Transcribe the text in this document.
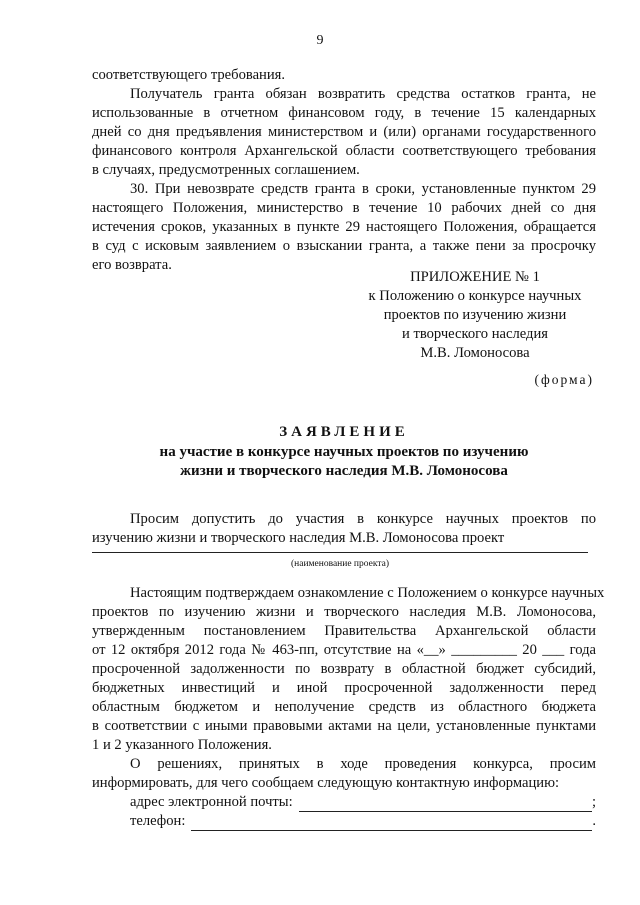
9
соответствующего требования.
Получатель гранта обязан возвратить средства остатков гранта, не
использованные в отчетном финансовом году, в течение 15 календарных
дней со дня предъявления министерством и (или) органами государственного
финансового контроля Архангельской области соответствующего требования
в случаях, предусмотренных соглашением.
30. При невозврате средств гранта в сроки, установленные пунктом 29
настоящего Положения, министерство в течение 10 рабочих дней со дня
истечения сроков, указанных в пункте 29 настоящего Положения, обращается
в суд с исковым заявлением о взыскании гранта, а также пени за просрочку
его возврата.
ПРИЛОЖЕНИЕ № 1
к Положению о конкурсе научных
проектов по изучению жизни
и творческого наследия
М.В. Ломоносова
(форма)
ЗАЯВЛЕНИЕ
на участие в конкурсе научных проектов по изучению
жизни и творческого наследия М.В. Ломоносова
Просим допустить до участия в конкурсе научных проектов по
изучению жизни и творческого наследия М.В. Ломоносова проект
(наименование проекта)
Настоящим подтверждаем ознакомление с Положением о конкурсе научных
проектов по изучению жизни и творческого наследия М.В. Ломоносова,
утвержденным постановлением Правительства Архангельской области
от 12 октября 2012 года № 463-пп, отсутствие на «__» _________ 20 ___ года
просроченной задолженности по возврату в областной бюджет субсидий,
бюджетных инвестиций и иной просроченной задолженности перед
областным бюджетом и неполучение средств из областного бюджета
в соответствии с иными правовыми актами на цели, установленные пунктами
1 и 2 указанного Положения.
О решениях, принятых в ходе проведения конкурса, просим
информировать, для чего сообщаем следующую контактную информацию:
адрес электронной почты:	;
телефон:	.
